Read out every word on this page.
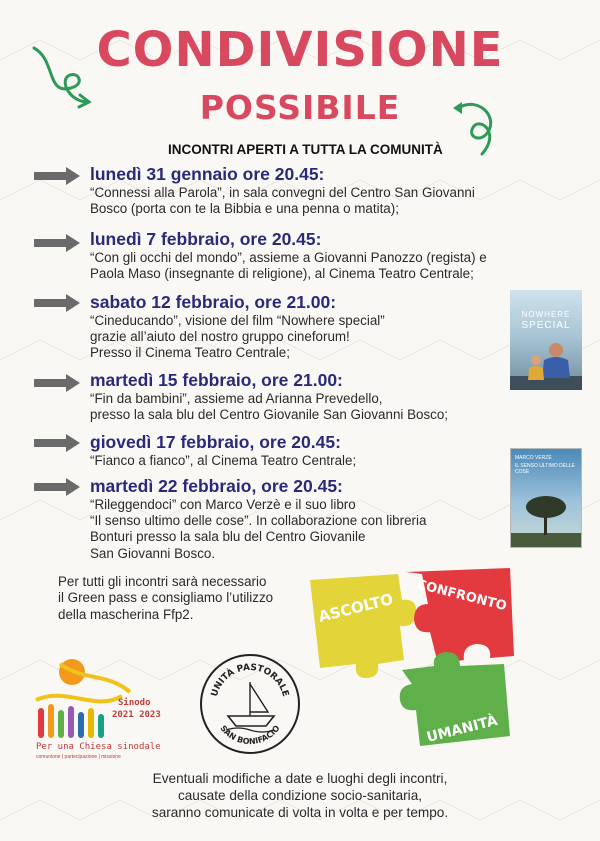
CONDIVISIONE
POSSIBILE
INCONTRI APERTI A TUTTA LA COMUNITÀ
lunedì 31 gennaio ore 20.45:
“Connessi alla Parola”, in sala convegni del Centro San Giovanni
Bosco (porta con te la Bibbia e una penna o matita);
lunedì 7 febbraio, ore 20.45:
“Con gli occhi del mondo”, assieme a Giovanni Panozzo (regista) e
Paola Maso (insegnante di religione), al Cinema Teatro Centrale;
sabato 12 febbraio, ore 21.00:
“Cineducando”, visione del film “Nowhere special”
grazie all’aiuto del nostro gruppo cineforum!
Presso il Cinema Teatro Centrale;
martedì 15 febbraio, ore 21.00:
“Fin da bambini”, assieme ad Arianna Prevedello,
presso la sala blu del Centro Giovanile San Giovanni Bosco;
giovedì 17 febbraio, ore 20.45:
“Fianco a fianco”, al Cinema Teatro Centrale;
martedì 22 febbraio, ore 20.45:
“Rileggendoci” con Marco Verzè e il suo libro
“Il senso ultimo delle cose”. In collaborazione con libreria
Bonturi presso la sala blu del Centro Giovanile
San Giovanni Bosco.
NOWHERE
SPECIAL
MARCO VERZÈ
IL SENSO ULTIMO DELLE COSE
Per tutti gli incontri sarà necessario
il Green pass e consigliamo l’utilizzo
della mascherina Ffp2.	ASCOLTO CONFRONTO
UMANITÀ
Sinodo
2021 2023
Per una Chiesa sinodale
comunione | partecipazione | missione
UNITÀ PASTORALE
SAN BONIFACIO
Eventuali modifiche a date e luoghi degli incontri,
causate della condizione socio-sanitaria,
saranno comunicate di volta in volta e per tempo.
